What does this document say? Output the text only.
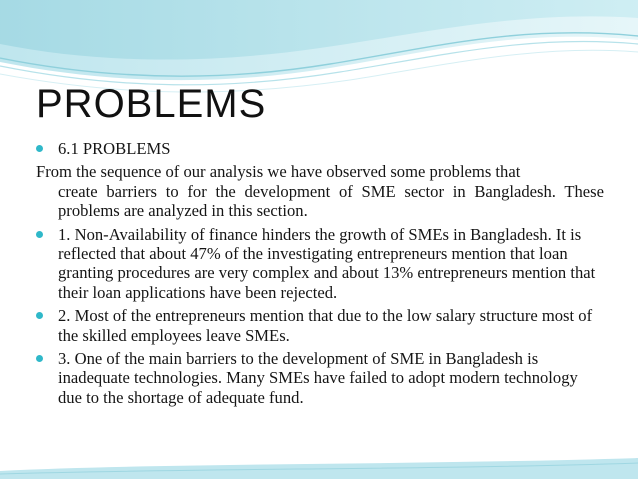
PROBLEMS
6.1 PROBLEMS
From the sequence of our analysis we have observed some problems that
create barriers to for the development of SME sector in Bangladesh. These problems are analyzed in this section.
1. Non-Availability of finance hinders the growth of SMEs in Bangladesh. It is reflected that about 47% of the investigating entrepreneurs mention that loan granting procedures are very complex and about 13% entrepreneurs mention that their loan applications have been rejected.
2. Most of the entrepreneurs mention that due to the low salary structure most of the skilled employees leave SMEs.
3. One of the main barriers to the development of SME in Bangladesh is inadequate technologies. Many SMEs have failed to adopt modern technology due to the shortage of adequate fund.
